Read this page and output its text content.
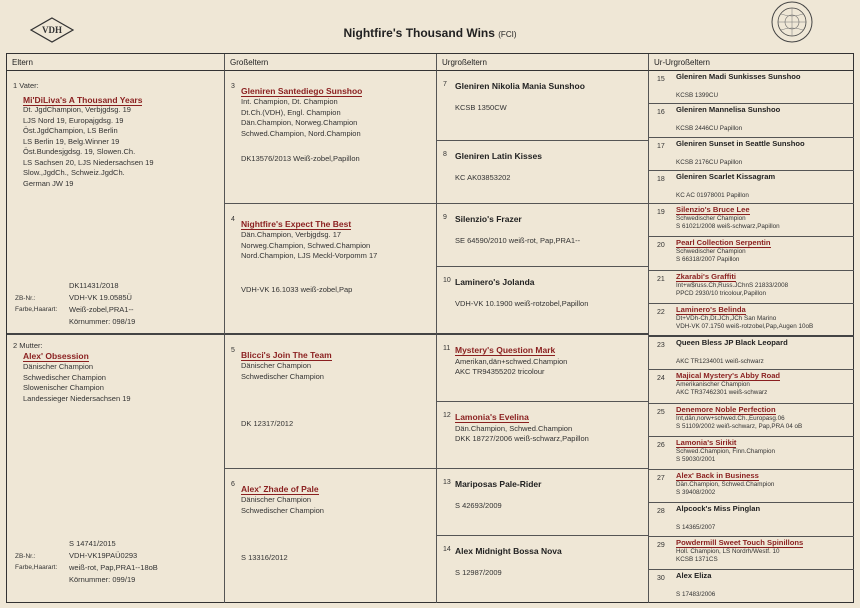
VDH	Nightfire's Thousand Wins (FCI)
Eltern	Großeltern	Urgroßeltern	Ur-Urgroßeltern
1 Vater:
Mi'DiLiva's A Thousand Years
Dt. JgdChampion, Verbjgdsg. 19
LJS Nord 19, Europajgdsg. 19
Öst.JgdChampion, LS Berlin
LS Berlin 19, Belg.Winner 19
Öst.Bundesjgdsg. 19, Slowen.Ch.
LS Sachsen 20, LJS Niedersachsen 19
Slow.,JgdCh., Schweiz.JgdCh.
German JW 19
DK11431/2018
ZB-Nr.:	VDH-VK 19.0585Ü
Farbe,Haarart: Weiß-zobel,PRA1--
Körnummer: 098/19
2 Mutter:
Alex' Obsession
Dänischer Champion
Schwedischer Champion
Slowenischer Champion
Landessieger Niedersachsen 19
S 14741/2015
ZB-Nr.:	VDH-VK19PAÜ0293
Farbe,Haarart: weiß-rot, Pap,PRA1--18oB
Körnummer: 099/19
3 Gleniren Santediego Sunshoo
Int. Champion, Dt. Champion
Dt.Ch.(VDH), Engl. Champion
Dän.Champion, Norweg.Champion
Schwed.Champion, Nord.Champion
DK13576/2013 Weiß-zobel,Papillon
4 Nightfire's Expect The Best
Dän.Champion, Verbjgdsg. 17
Norweg.Champion, Schwed.Champion
Nord.Champion, LJS Meckl-Vorpomm 17
VDH-VK 16.1033 weiß-zobel,Pap
5 Blicci's Join The Team
Dänischer Champion
Schwedischer Champion
DK 12317/2012
6 Alex' Zhade of Pale
Dänischer Champion
Schwedischer Champion
S 13316/2012
7 Gleniren Nikolia Mania Sunshoo
KCSB 1350CW
8 Gleniren Latin Kisses
KC AK03853202
9 Silenzio's Frazer
SE 64590/2010 weiß-rot, Pap,PRA1--
10 Laminero's Jolanda
VDH-VK 10.1900 weiß-rotzobel,Papillon
11 Mystery's Question Mark
Amerikan,dän+schwed.Champion
AKC TR94355202 tricolour
12 Lamonia's Evelina
Dän.Champion, Schwed.Champion
DKK 18727/2006 weiß-schwarz,Papillon
13 Mariposas Pale-Rider
S 42693/2009
14 Alex Midnight Bossa Nova
S 12987/2009
15 Gleniren Madi Sunkisses Sunshoo
KCSB 1399CU
16 Gleniren Mannelisa Sunshoo
KCSB 2446CU Papillon
17 Gleniren Sunset in Seattle Sunshoo
KCSB 2176CU Papillon
18 Gleniren Scarlet Kissagram
KC AC 01978001 Papillon
19 Silenzio's Bruce Lee
Schwedischer Champion
S 61021/2008 weiß-schwarz,Papillon
20 Pearl Collection Serpentin
Schwedischer Champion
S 66318/2007 Papillon
21 Zkarabi's Graffiti
Int+w$russ.Ch,Russ.JChnS 21833/2008
PPCD 2930/10 tricolour,Papillon
22 Laminero's Belinda
Dt+VDh-Ch,Dt.JCh,JCh San Marino
VDH-VK 07.1750 weiß-rotzobel,Pap,Augen 10oB
23 Queen Bless JP Black Leopard
AKC TR1234001 weiß-schwarz
24 Majical Mystery's Abby Road
Amerikanischer Champion
AKC TR37462301 weiß-schwarz
25 Denemore Noble Perfection
Int,dän,norw+schwed.Ch.,Europasg.06
S 51109/2002 weiß-schwarz, Pap,PRA 04 oB
26 Lamonia's Sirikit
Schwed.Champion, Finn.Champion
S 59030/2001
27 Alex' Back in Business
Dän.Champion, Schwed.Champion
S 39408/2002
28 Alpcock's Miss Pinglan
S 14365/2007
29 Powdermill Sweet Touch Spinillons
Holl. Champion, LS Nordrh/Westf. 10
KCSB 1371CS
30 Alex Eliza
S 17483/2006
